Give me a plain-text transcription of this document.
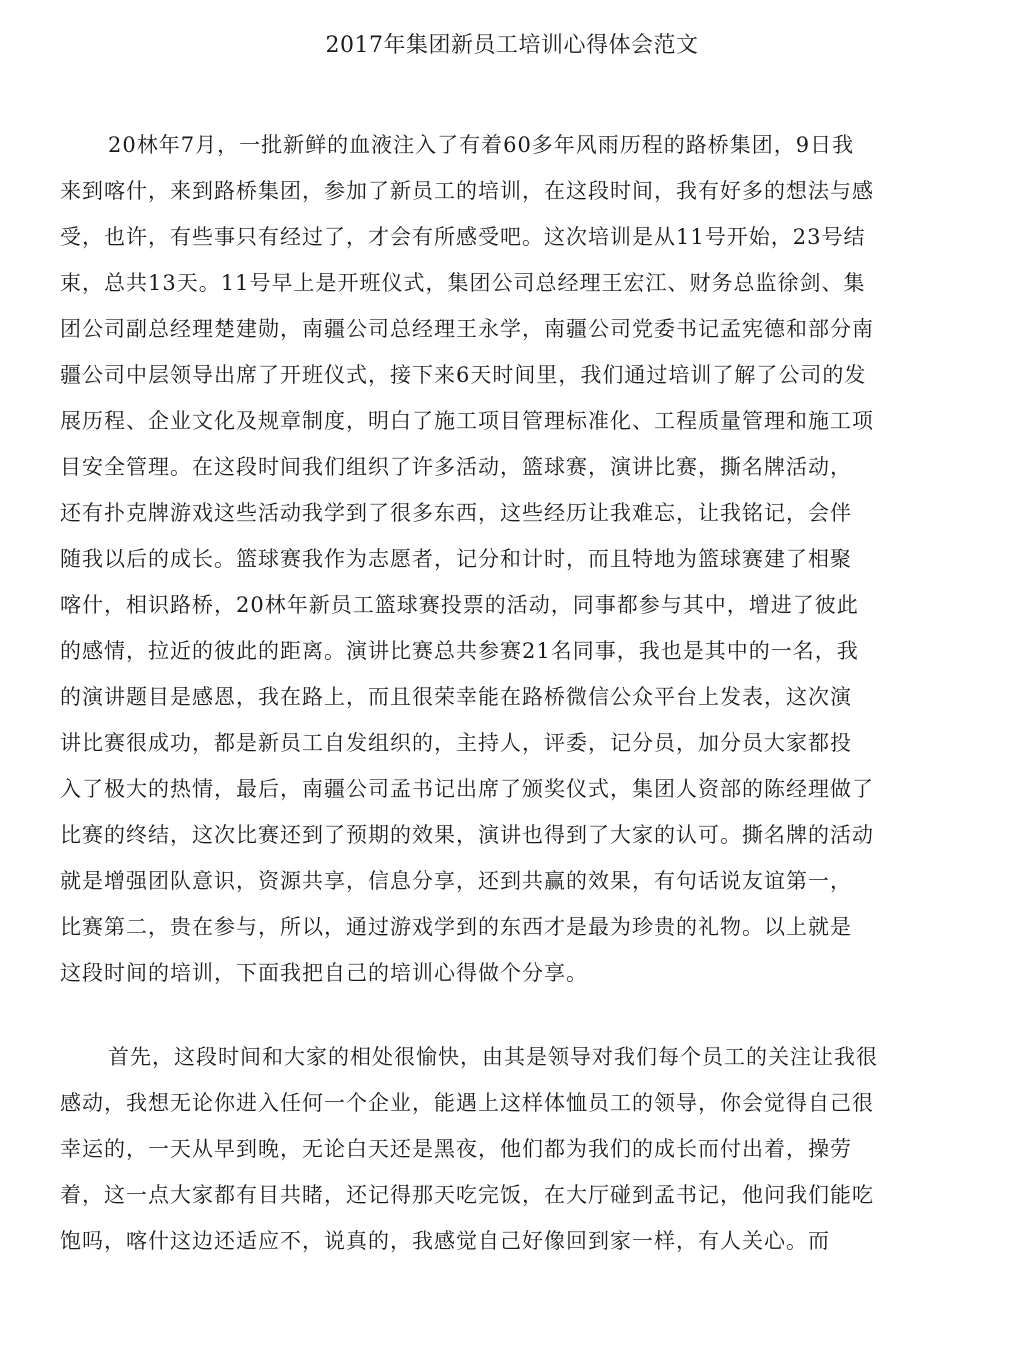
2017年集团新员工培训心得体会范文
20林年7月，一批新鲜的血液注入了有着60多年风雨历程的路桥集团，9日我
来到喀什，来到路桥集团，参加了新员工的培训，在这段时间，我有好多的想法与感
受，也许，有些事只有经过了，才会有所感受吧。这次培训是从11号开始，23号结
束，总共13天。11号早上是开班仪式，集团公司总经理王宏江、财务总监徐剑、集
团公司副总经理楚建勋，南疆公司总经理王永学，南疆公司党委书记孟宪德和部分南
疆公司中层领导出席了开班仪式，接下来6天时间里，我们通过培训了解了公司的发
展历程、企业文化及规章制度，明白了施工项目管理标准化、工程质量管理和施工项
目安全管理。在这段时间我们组织了许多活动，篮球赛，演讲比赛，撕名牌活动，
还有扑克牌游戏这些活动我学到了很多东西，这些经历让我难忘，让我铭记，会伴
随我以后的成长。篮球赛我作为志愿者，记分和计时，而且特地为篮球赛建了相聚
喀什，相识路桥，20林年新员工篮球赛投票的活动，同事都参与其中，增进了彼此
的感情，拉近的彼此的距离。演讲比赛总共参赛21名同事，我也是其中的一名，我
的演讲题目是感恩，我在路上，而且很荣幸能在路桥微信公众平台上发表，这次演
讲比赛很成功，都是新员工自发组织的，主持人，评委，记分员，加分员大家都投
入了极大的热情，最后，南疆公司孟书记出席了颁奖仪式，集团人资部的陈经理做了
比赛的终结，这次比赛还到了预期的效果，演讲也得到了大家的认可。撕名牌的活动
就是增强团队意识，资源共享，信息分享，还到共赢的效果，有句话说友谊第一，
比赛第二，贵在参与，所以，通过游戏学到的东西才是最为珍贵的礼物。以上就是
这段时间的培训，下面我把自己的培训心得做个分享。
首先，这段时间和大家的相处很愉快，由其是领导对我们每个员工的关注让我很
感动，我想无论你进入任何一个企业，能遇上这样体恤员工的领导，你会觉得自己很
幸运的，一天从早到晚，无论白天还是黑夜，他们都为我们的成长而付出着，操劳
着，这一点大家都有目共睹，还记得那天吃完饭，在大厅碰到孟书记，他问我们能吃
饱吗，喀什这边还适应不，说真的，我感觉自己好像回到家一样，有人关心。而
